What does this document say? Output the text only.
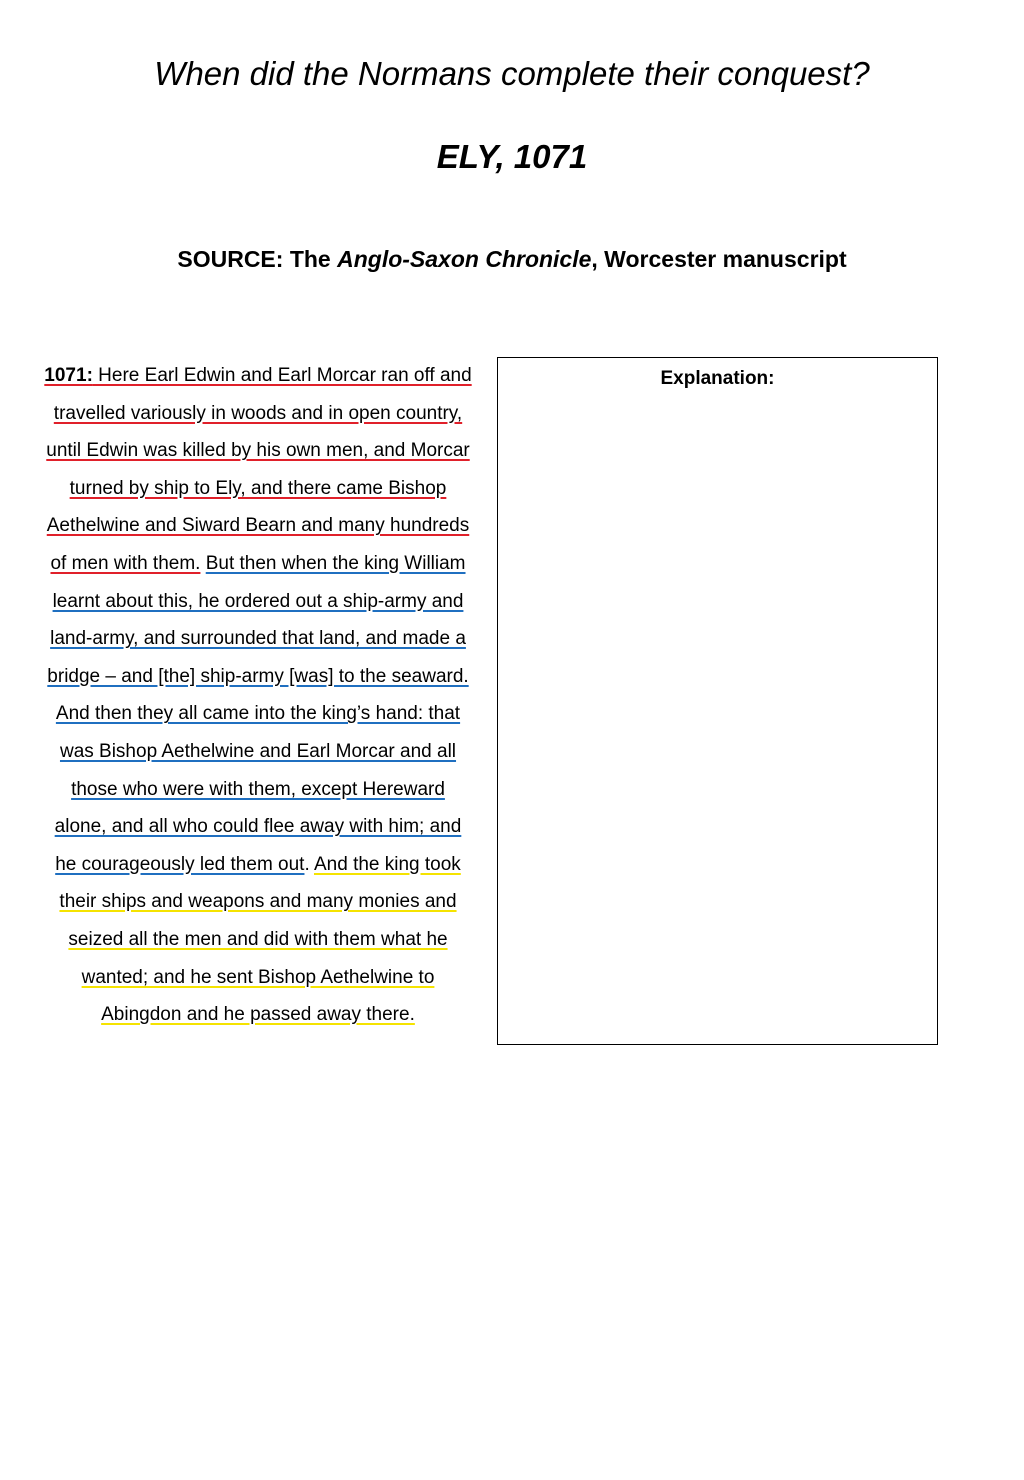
When did the Normans complete their conquest?
ELY, 1071

SOURCE: The Anglo-Saxon Chronicle, Worcester manuscript

1071: Here Earl Edwin and Earl Morcar ran off and travelled variously in woods and in open country, until Edwin was killed by his own men, and Morcar turned by ship to Ely, and there came Bishop Aethelwine and Siward Bearn and many hundreds of men with them. But then when the king William learnt about this, he ordered out a ship-army and land-army, and surrounded that land, and made a bridge – and [the] ship-army [was] to the seaward. And then they all came into the king’s hand: that was Bishop Aethelwine and Earl Morcar and all those who were with them, except Hereward alone, and all who could flee away with him; and he courageously led them out. And the king took their ships and weapons and many monies and seized all the men and did with them what he wanted; and he sent Bishop Aethelwine to Abingdon and he passed away there.

Explanation:
